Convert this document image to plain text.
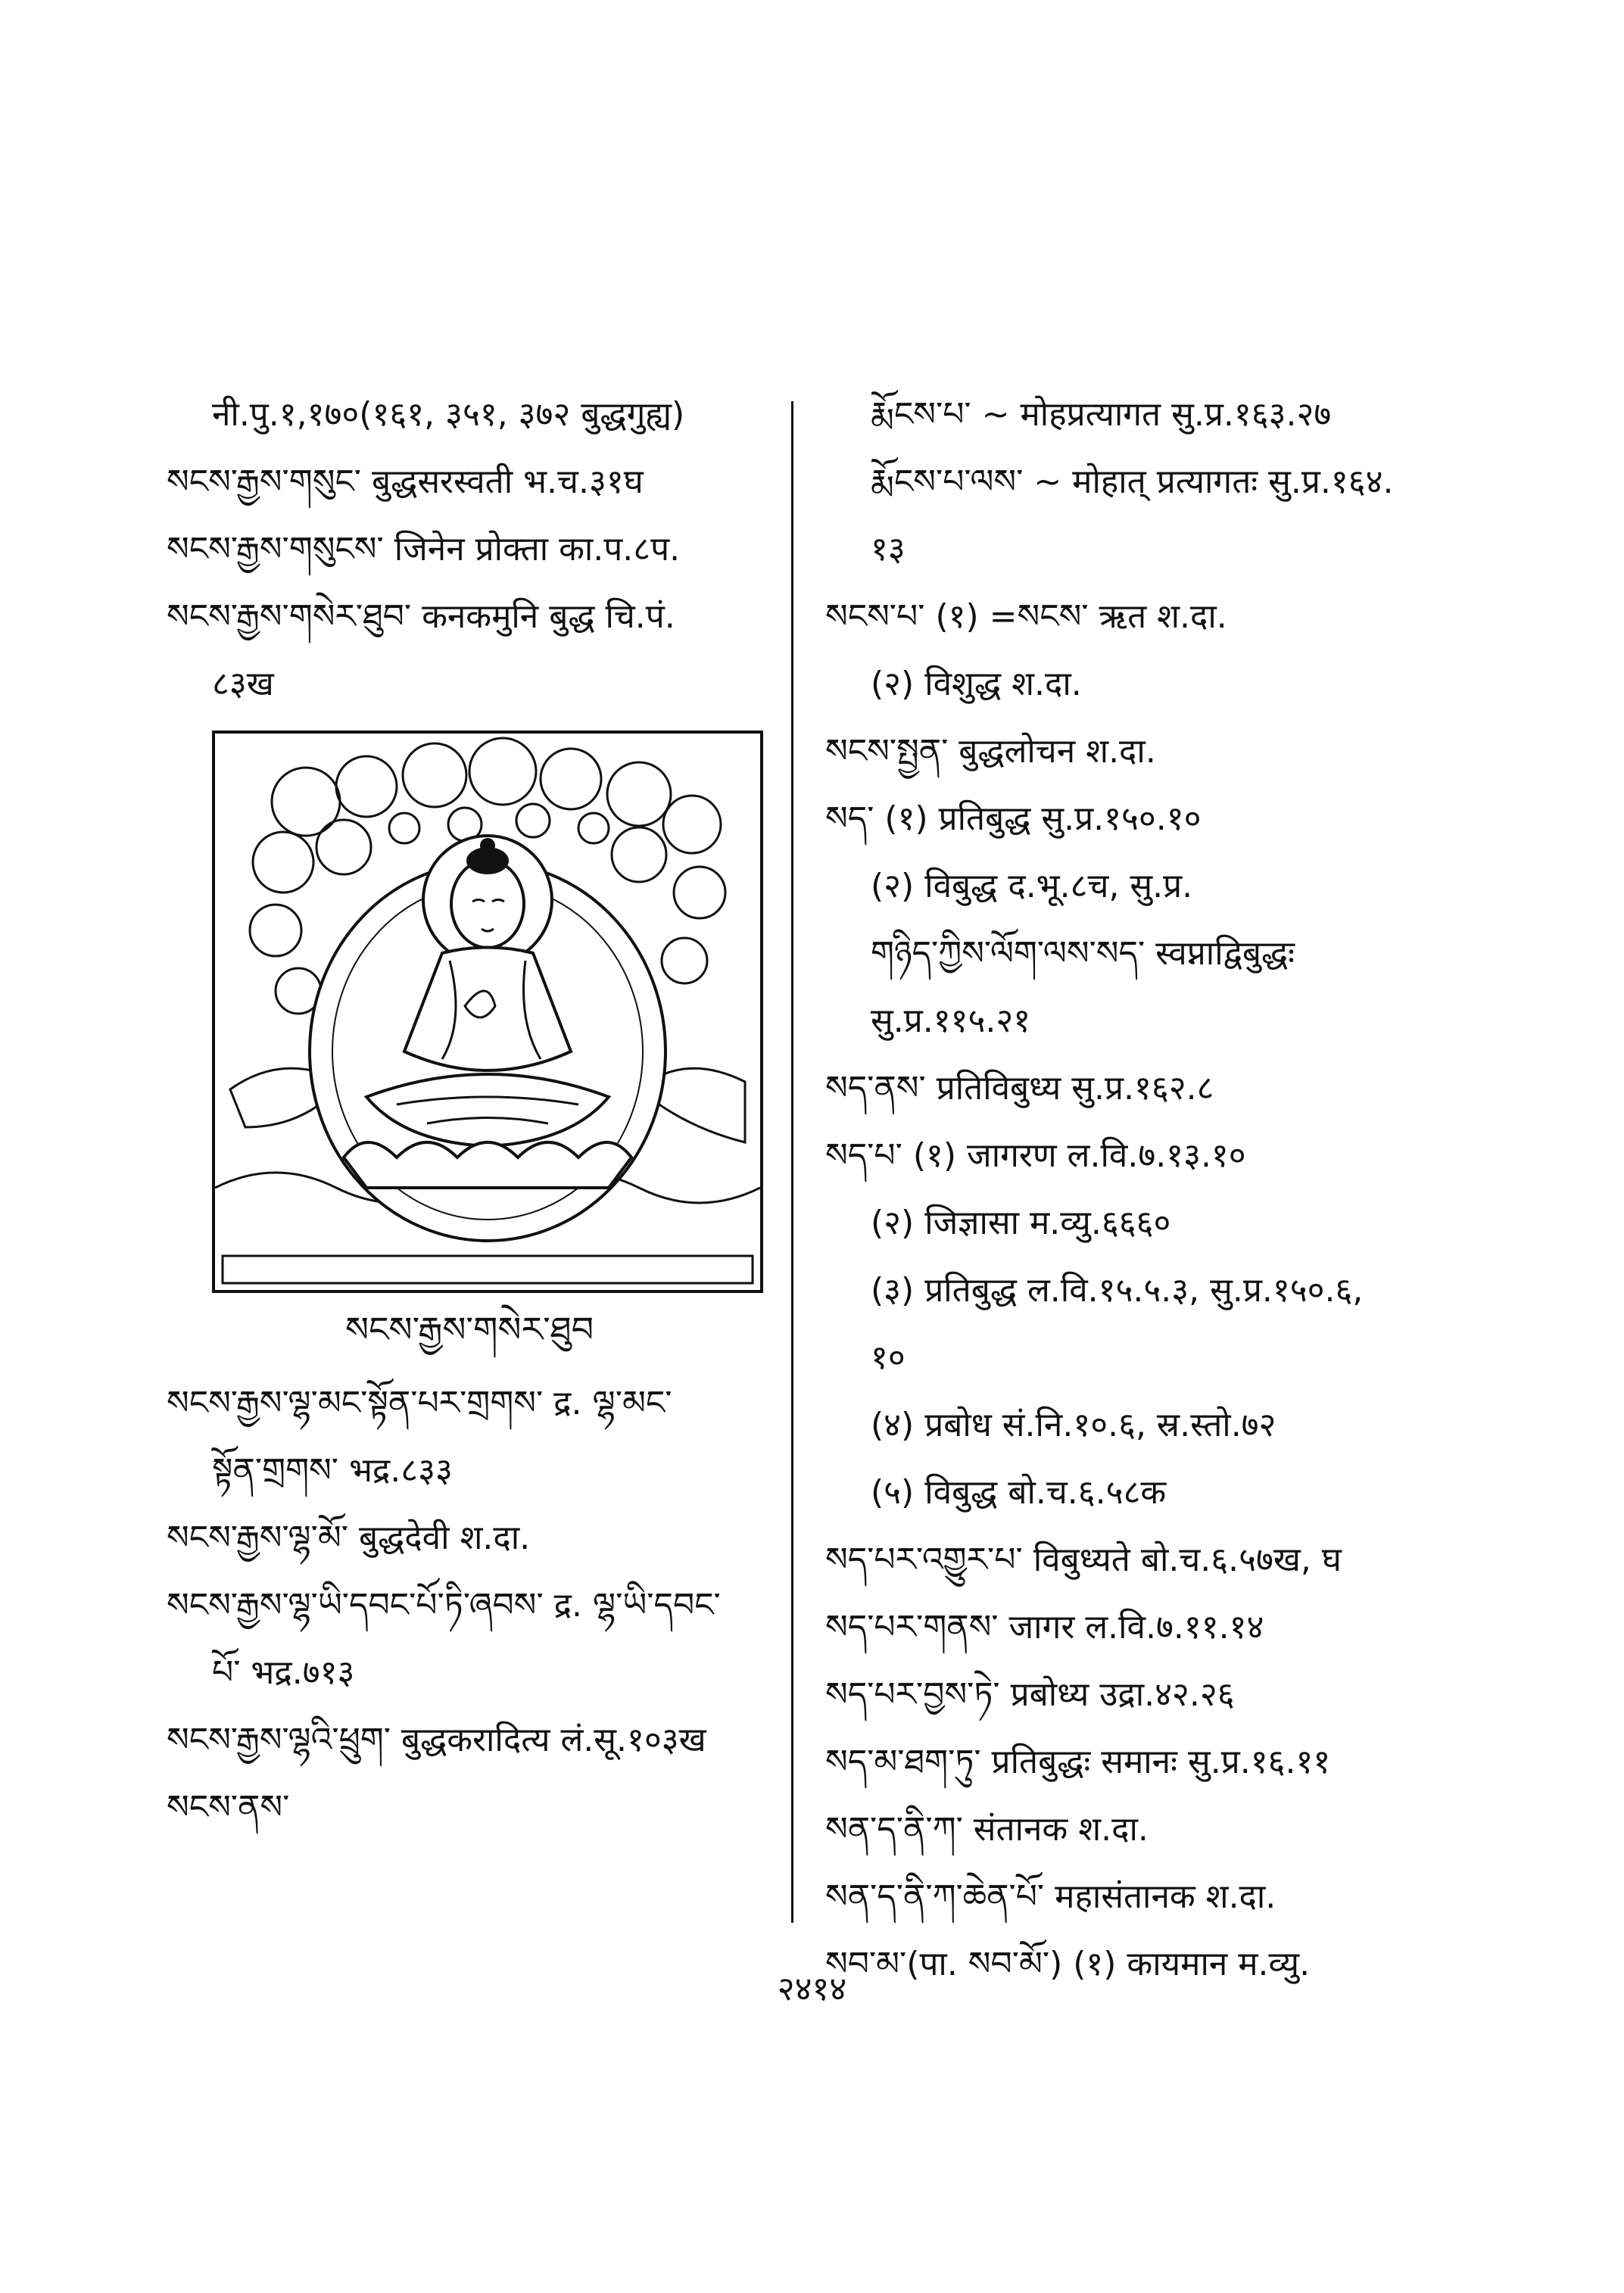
नी.पु.१,१७०(१६१, ३५१, ३७२ बुद्धगुह्य)
སངས་རྒྱས་གསུང་ बुद्धसरस्वती भ.च.३१घ
སངས་རྒྱས་གསུངས་ जिनेन प्रोक्ता का.प.८प.
སངས་རྒྱས་གསེར་ཐུབ་ कनकमुनि बुद्ध चि.पं.
८३ख
སངས་རྒྱས་གསེར་ཐུབ
སངས་རྒྱས་ལྷ་མང་སྟོན་པར་གྲགས་ द्र. ལྷ་མང་
སྟོན་གྲགས་ भद्र.८३३
སངས་རྒྱས་ལྷ་མོ་ बुद्धदेवी श.दा.
སངས་རྒྱས་ལྷ་ཡི་དབང་པོ་ཏི་ཞབས་ द्र. ལྷ་ཡི་དབང་
པོ་ भद्र.७१३
སངས་རྒྱས་ལྷའི་ཕྲུག་ बुद्धकरादित्य लं.सू.१०३ख
སངས་ནས་
རྨོངས་པ་ ~ मोहप्रत्यागत सु.प्र.१६३.२७
རྨོངས་པ་ལས་ ~ मोहात् प्रत्यागतः सु.प्र.१६४.
१३
སངས་པ་ (१) =སངས་ ऋत श.दा.
(२) विशुद्ध श.दा.
སངས་སྤྱན་ बुद्धलोचन श.दा.
སད་ (१) प्रतिबुद्ध सु.प्र.१५०.१०
(२) विबुद्ध द.भू.८च, सु.प्र.
གཉིད་ཀྱིས་ལོག་ལས་སད་ स्वप्नाद्विबुद्धः
सु.प्र.११५.२१
སད་ནས་ प्रतिविबुध्य सु.प्र.१६२.८
སད་པ་ (१) जागरण ल.वि.७.१३.१०
(२) जिज्ञासा म.व्यु.६६६०
(३) प्रतिबुद्ध ल.वि.१५.५.३, सु.प्र.१५०.६,
१०
(४) प्रबोध सं.नि.१०.६, स्र.स्तो.७२
(५) विबुद्ध बो.च.६.५८क
སད་པར་འགྱུར་པ་ विबुध्यते बो.च.६.५७ख, घ
སད་པར་གནས་ जागर ल.वि.७.११.१४
སད་པར་བྱས་ཏེ་ प्रबोध्य उद्रा.४२.२६
སད་མ་ཐག་ཏུ་ प्रतिबुद्धः समानः सु.प्र.१६.११
སན་ད་ནི་ཀ་ संतानक श.दा.
སན་ད་ནི་ཀ་ཆེན་པོ་ महासंतानक श.दा.
སབ་མ་(पा. སབ་མོ་) (१) कायमान म.व्यु.
२४१४
